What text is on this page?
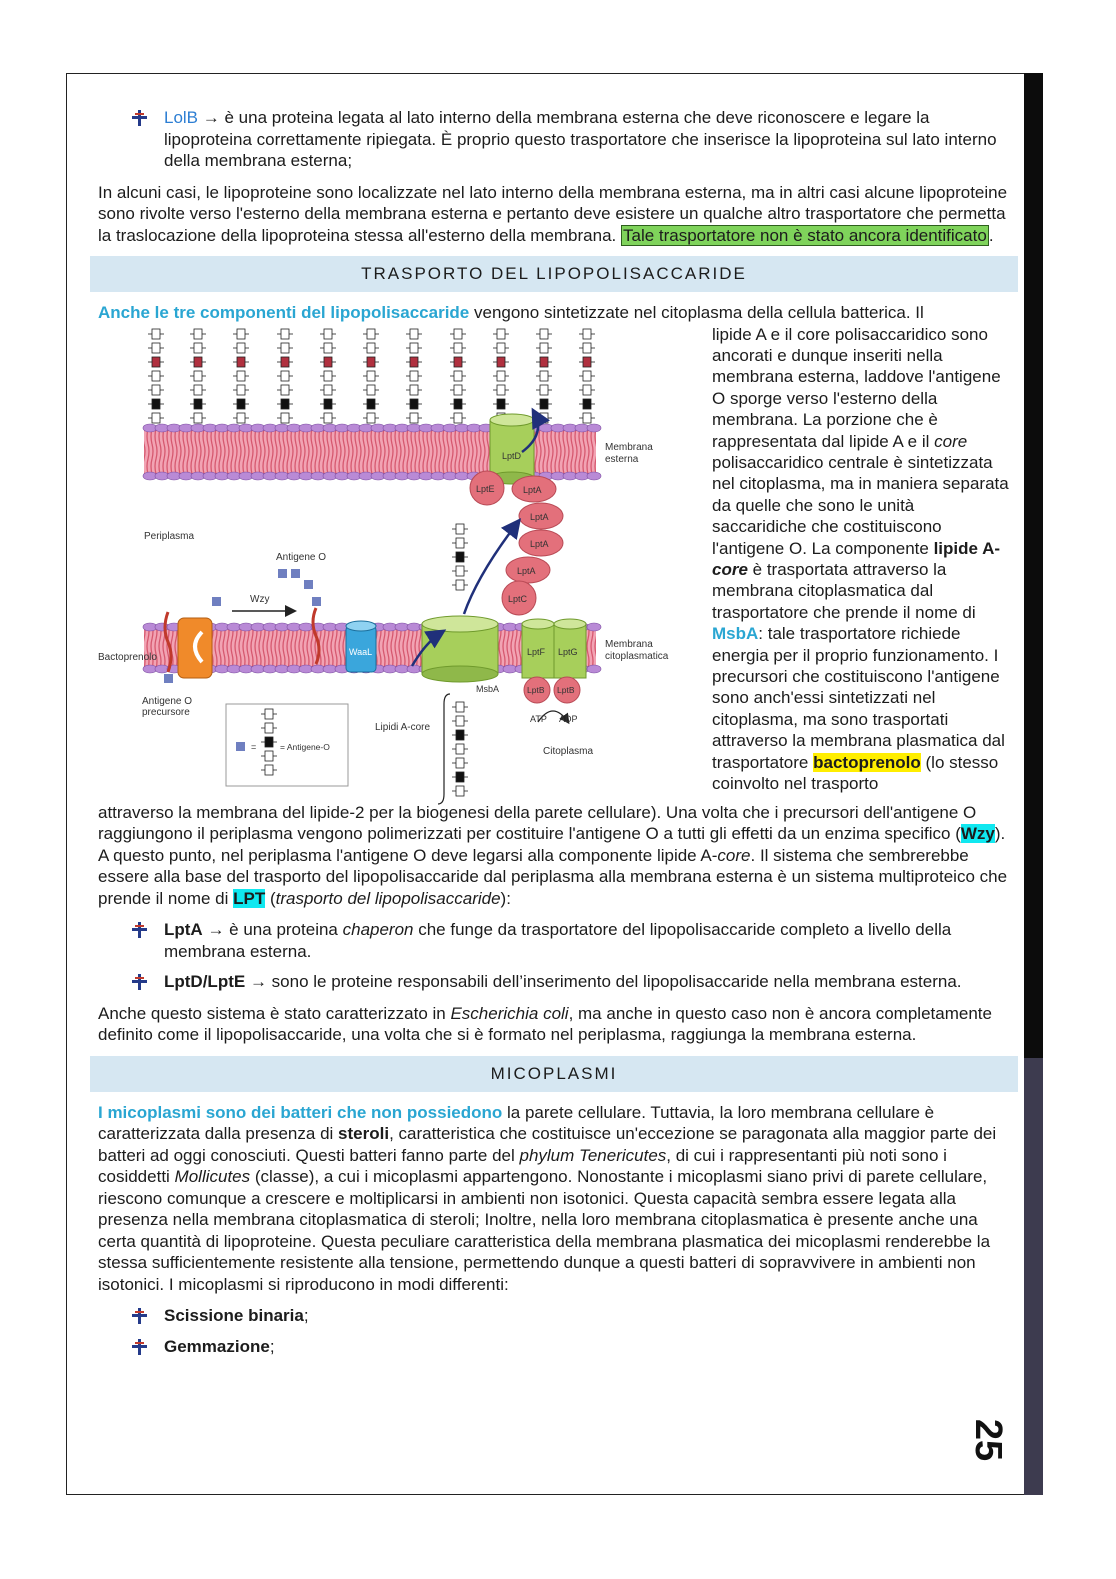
25
LolB → è una proteina legata al lato interno della membrana esterna che deve riconoscere e legare la lipoproteina correttamente ripiegata. È proprio questo trasportatore che inserisce la lipoproteina sul lato interno della membrana esterna;

In alcuni casi, le lipoproteine sono localizzate nel lato interno della membrana esterna, ma in altri casi alcune lipoproteine sono rivolte verso l'esterno della membrana esterna e pertanto deve esistere un qualche altro trasportatore che permetta la traslocazione della lipoproteina stessa all'esterno della membrana. Tale trasportatore non è stato ancora identificato .

TRASPORTO DEL LIPOPOLISACCARIDE

Anche le tre componenti del lipopolisaccaride vengono sintetizzate nel citoplasma della cellula batterica. Il

LptD
LptE	LptA
LptA
LptA
LptA
LptC
WaaL
MsbA
LptF LptG
LptB LptB
ATP ADP
Membrana
esterna
Membrana
citoplasmatica
Periplasma
Antigene O
Wzy
Bactoprenolo
Antigene O
precursore
Lipidi A-core
Citoplasma
=	= Antigene-O

lipide A e il core polisaccaridico sono ancorati e dunque inseriti nella membrana esterna, laddove l'antigene O sporge verso l'esterno della membrana. La porzione che è rappresentata dal lipide A e il core polisaccaridico centrale è sintetizzata nel citoplasma, ma in maniera separata da quelle che sono le unità saccaridiche che costituiscono l'antigene O. La componente lipide A-core è trasportata attraverso la membrana citoplasmatica dal trasportatore che prende il nome di MsbA: tale trasportatore richiede energia per il proprio funzionamento. I precursori che costituiscono l'antigene sono anch'essi sintetizzati nel citoplasma, ma sono trasportati attraverso la membrana plasmatica dal trasportatore bactoprenolo (lo stesso coinvolto nel trasporto

attraverso la membrana del lipide-2 per la biogenesi della parete cellulare). Una volta che i precursori dell'antigene O raggiungono il periplasma vengono polimerizzati per costituire l'antigene O a tutti gli effetti da un enzima specifico (Wzy). A questo punto, nel periplasma l'antigene O deve legarsi alla componente lipide A-core. Il sistema che sembrerebbe essere alla base del trasporto del lipopolisaccaride dal periplasma alla membrana esterna è un sistema multiproteico che prende il nome di LPT (trasporto del lipopolisaccaride):

LptA → è una proteina chaperon che funge da trasportatore del lipopolisaccaride completo a livello della membrana esterna.
LptD/LptE → sono le proteine responsabili dell’inserimento del lipopolisaccaride nella membrana esterna.

Anche questo sistema è stato caratterizzato in Escherichia coli, ma anche in questo caso non è ancora completamente definito come il lipopolisaccaride, una volta che si è formato nel periplasma, raggiunga la membrana esterna.

MICOPLASMI

I micoplasmi sono dei batteri che non possiedono la parete cellulare. Tuttavia, la loro membrana cellulare è caratterizzata dalla presenza di steroli, caratteristica che costituisce un'eccezione se paragonata alla maggior parte dei batteri ad oggi conosciuti. Questi batteri fanno parte del phylum Tenericutes, di cui i rappresentanti più noti sono i cosiddetti Mollicutes (classe), a cui i micoplasmi appartengono. Nonostante i micoplasmi siano privi di parete cellulare, riescono comunque a crescere e moltiplicarsi in ambienti non isotonici. Questa capacità sembra essere legata alla presenza nella membrana citoplasmatica di steroli; Inoltre, nella loro membrana citoplasmatica è presente anche una certa quantità di lipoproteine. Questa peculiare caratteristica della membrana plasmatica dei micoplasmi renderebbe la stessa sufficientemente resistente alla tensione, permettendo dunque a questi batteri di sopravvivere in ambienti non isotonici. I micoplasmi si riproducono in modi differenti:

Scissione binaria;
Gemmazione;
